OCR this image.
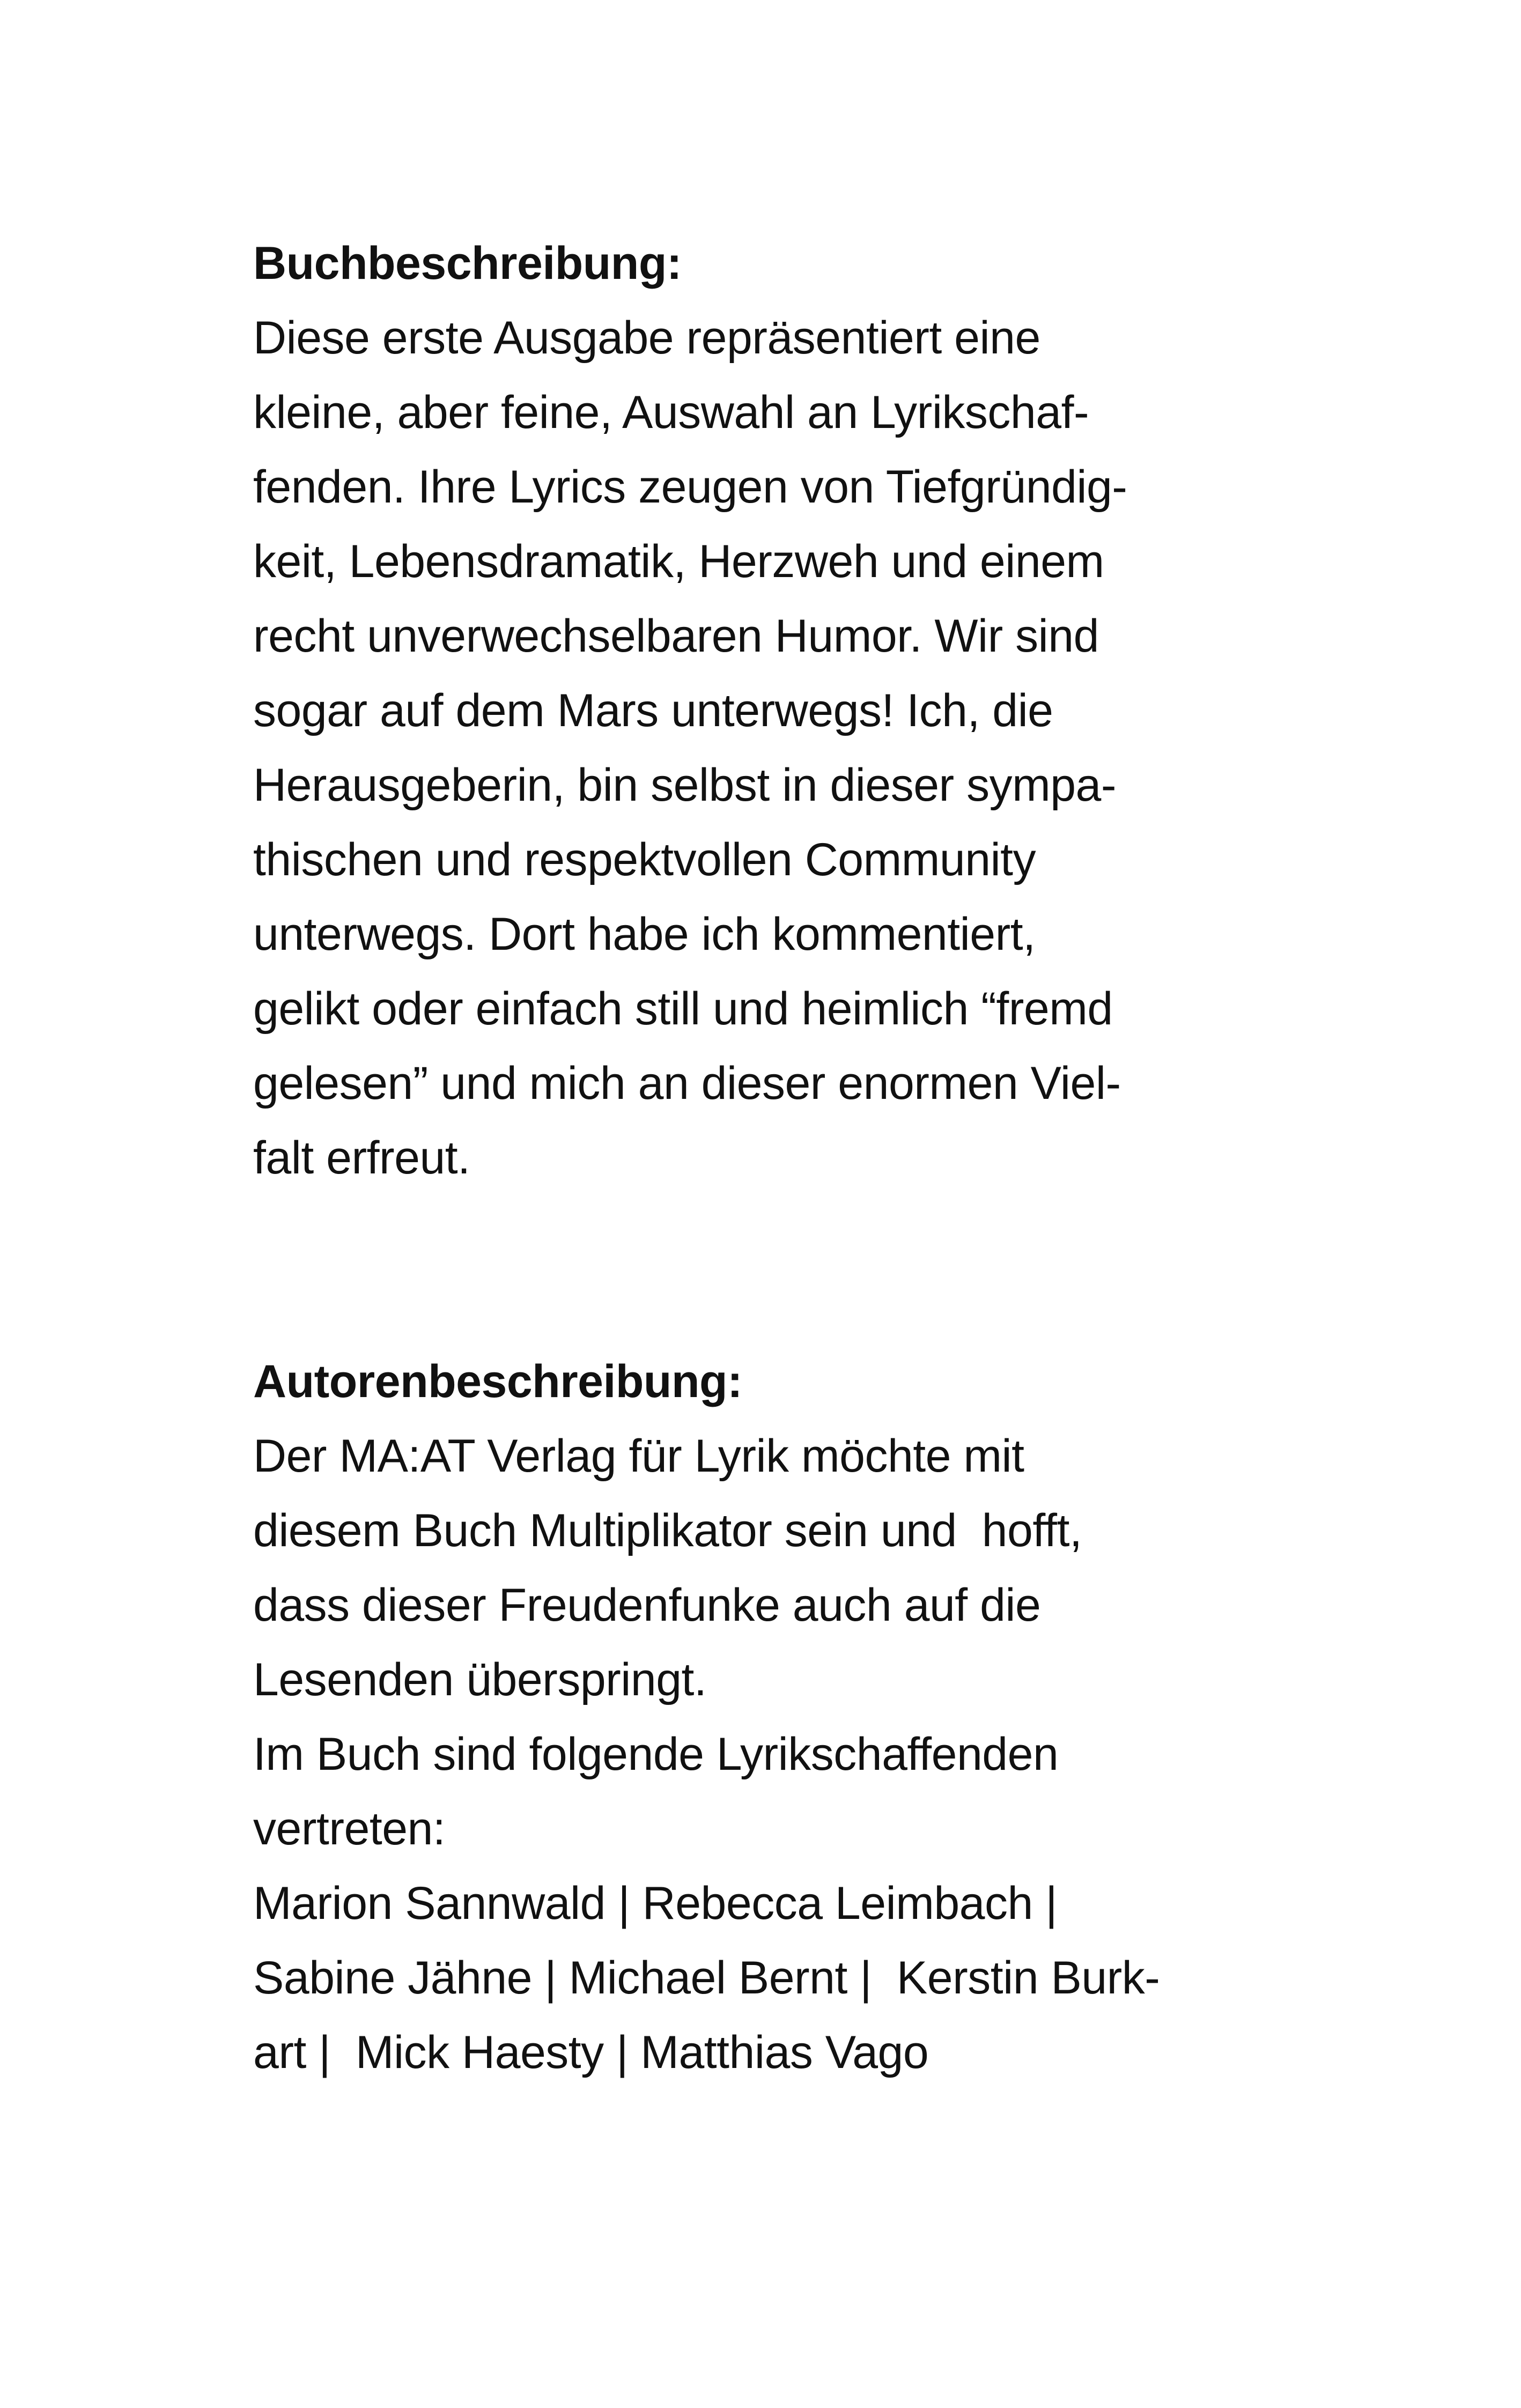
Buchbeschreibung:

Diese erste Ausgabe repräsentiert eine

kleine, aber feine, Auswahl an Lyrikschaf-

fenden. Ihre Lyrics zeugen von Tiefgründig-

keit, Lebensdramatik, Herzweh und einem

recht unverwechselbaren Humor. Wir sind

sogar auf dem Mars unterwegs! Ich, die

Herausgeberin, bin selbst in dieser sympa-

thischen und respektvollen Community

unterwegs. Dort habe ich kommentiert,

gelikt oder einfach still und heimlich “fremd

gelesen” und mich an dieser enormen Viel-

falt erfreut.

Autorenbeschreibung:

Der MA:AT Verlag für Lyrik möchte mit

diesem Buch Multiplikator sein und  hofft,

dass dieser Freudenfunke auch auf die

Lesenden überspringt.

Im Buch sind folgende Lyrikschaffenden

vertreten:

Marion Sannwald | Rebecca Leimbach |

Sabine Jähne | Michael Bernt |  Kerstin Burk-

art |  Mick Haesty | Matthias Vago
